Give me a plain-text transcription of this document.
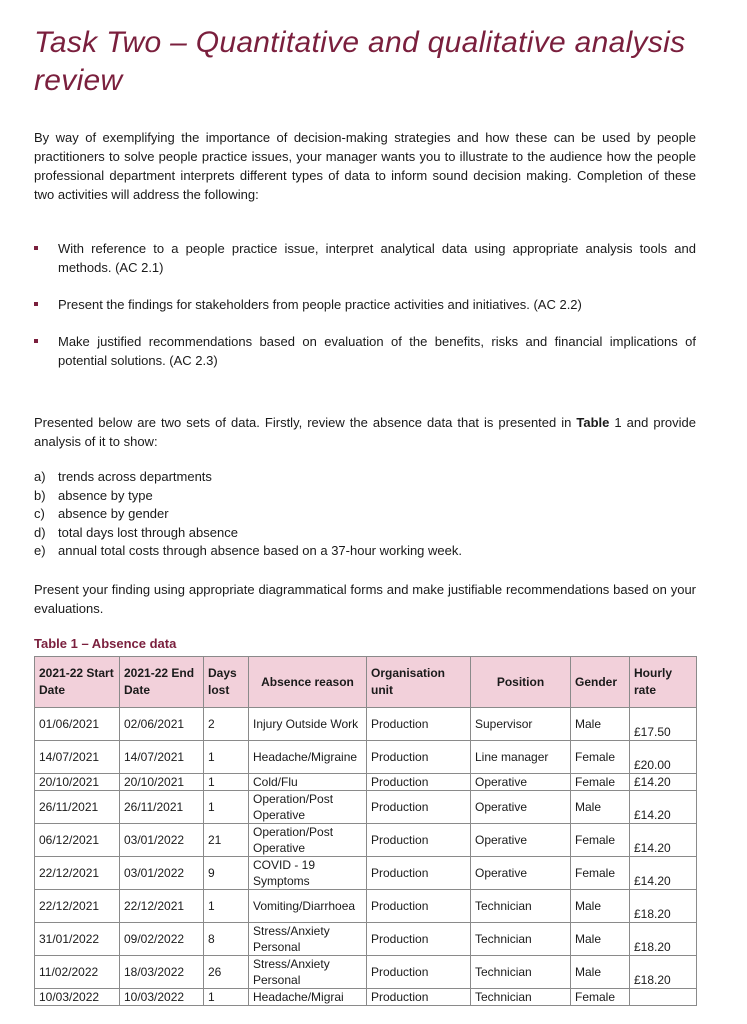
Task Two – Quantitative and qualitative analysis review

By way of exemplifying the importance of decision-making strategies and how these can be used by people practitioners to solve people practice issues, your manager wants you to illustrate to the audience how the people professional department interprets different types of data to inform sound decision making. Completion of these two activities will address the following:

With reference to a people practice issue, interpret analytical data using appropriate analysis tools and methods. (AC 2.1)
Present the findings for stakeholders from people practice activities and initiatives. (AC 2.2)
Make justified recommendations based on evaluation of the benefits, risks and financial implications of potential solutions. (AC 2.3)

Presented below are two sets of data. Firstly, review the absence data that is presented in Table 1 and provide analysis of it to show:

a) trends across departments
b) absence by type
c)	absence by gender
d) total days lost through absence
e) annual total costs through absence based on a 37-hour working week.

Present your finding using appropriate diagrammatical forms and make justifiable recommendations based on your evaluations.

Table 1 – Absence data

2021-22 Start Date	2021-22 End Date	Days lost	Absence reason	Organisation unit	Position	Gender	Hourly rate
01/06/2021	02/06/2021	2	Injury Outside Work	Production	Supervisor	Male	£17.50
14/07/2021	14/07/2021	1	Headache/Migraine	Production	Line manager	Female	£20.00
20/10/2021	20/10/2021	1	Cold/Flu	Production	Operative	Female	£14.20
26/11/2021	26/11/2021	1	Operation/Post Operative	Production	Operative	Male	£14.20
06/12/2021	03/01/2022	21	Operation/Post Operative	Production	Operative	Female	£14.20
22/12/2021	03/01/2022	9	COVID - 19 Symptoms	Production	Operative	Female	£14.20
22/12/2021	22/12/2021	1	Vomiting/Diarrhoea	Production	Technician	Male	£18.20
31/01/2022	09/02/2022	8	Stress/Anxiety Personal	Production	Technician	Male	£18.20
11/02/2022	18/03/2022	26	Stress/Anxiety Personal	Production	Technician	Male	£18.20
10/03/2022	10/03/2022	1	Headache/Migrai	Production	Technician	Female	
